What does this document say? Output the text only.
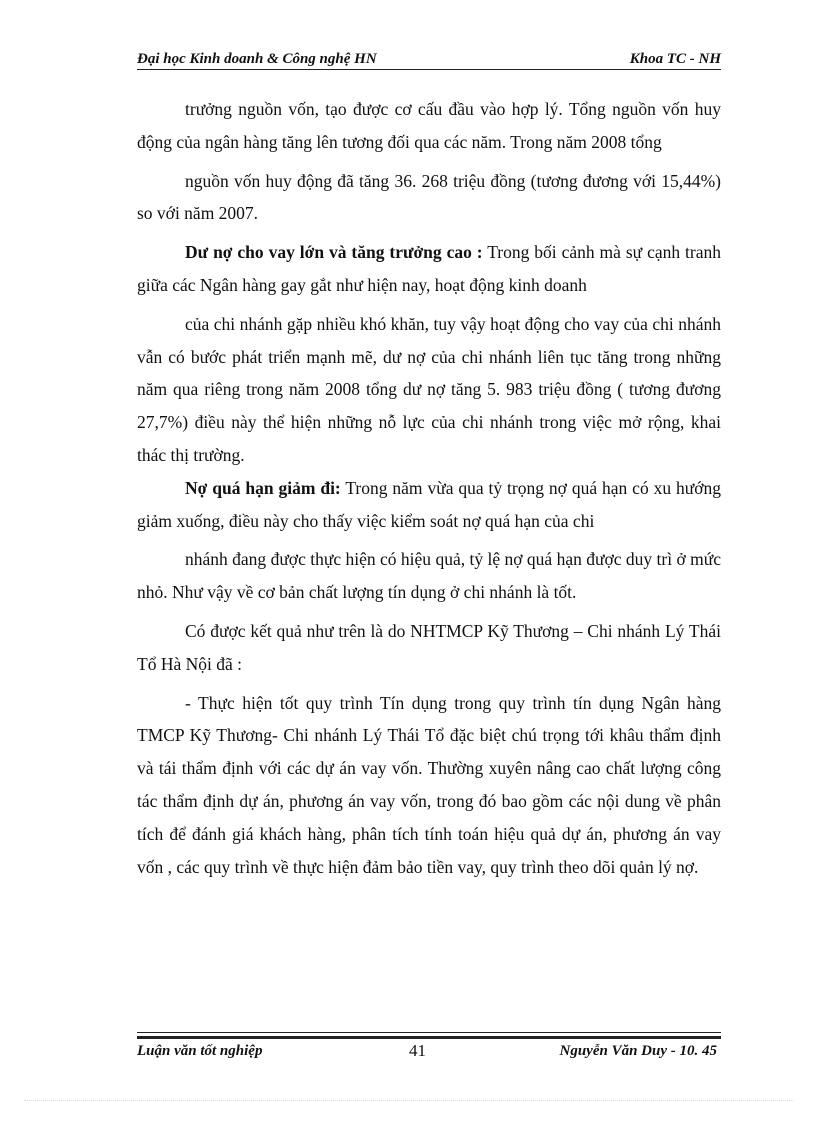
Đại học Kinh doanh & Công nghệ HN	Khoa TC - NH

trưởng nguồn vốn, tạo được cơ cấu đầu vào hợp lý. Tổng nguồn vốn huy động của ngân hàng tăng lên tương đối qua các năm. Trong năm 2008 tổng

nguồn vốn huy động đã tăng 36. 268 triệu đồng (tương đương với 15,44%) so với năm 2007.

Dư nợ cho vay lớn và tăng trưởng cao : Trong bối cảnh mà sự cạnh tranh giữa các Ngân hàng gay gắt như hiện nay, hoạt động kinh doanh

của chi nhánh gặp nhiều khó khăn, tuy vậy hoạt động cho vay của chi nhánh vẫn có bước phát triển mạnh mẽ, dư nợ của chi nhánh liên tục tăng trong những năm qua riêng trong năm 2008 tổng dư nợ tăng 5. 983 triệu đồng ( tương đương 27,7%) điều này thể hiện những nỗ lực của chi nhánh trong việc mở rộng, khai thác thị trường.

Nợ quá hạn giảm đi: Trong năm vừa qua tỷ trọng nợ quá hạn có xu hướng giảm xuống, điều này cho thấy việc kiểm soát nợ quá hạn của chi

nhánh đang được thực hiện có hiệu quả, tỷ lệ nợ quá hạn được duy trì ở mức nhỏ. Như vậy về cơ bản chất lượng tín dụng ở chi nhánh là tốt.

Có được kết quả như trên là do NHTMCP Kỹ Thương – Chi nhánh Lý Thái Tổ Hà Nội đã :

- Thực hiện tốt quy trình Tín dụng trong quy trình tín dụng Ngân hàng TMCP Kỹ Thương- Chi nhánh Lý Thái Tổ đặc biệt chú trọng tới khâu thẩm định và tái thẩm định với các dự án vay vốn. Thường xuyên nâng cao chất lượng công tác thẩm định dự án, phương án vay vốn, trong đó bao gồm các nội dung về phân tích để đánh giá khách hàng, phân tích tính toán hiệu quả dự án, phương án vay vốn , các quy trình về thực hiện đảm bảo tiền vay, quy trình theo dõi quản lý nợ.

Luận văn tốt nghiệp	41	Nguyễn Văn Duy - 10. 45
